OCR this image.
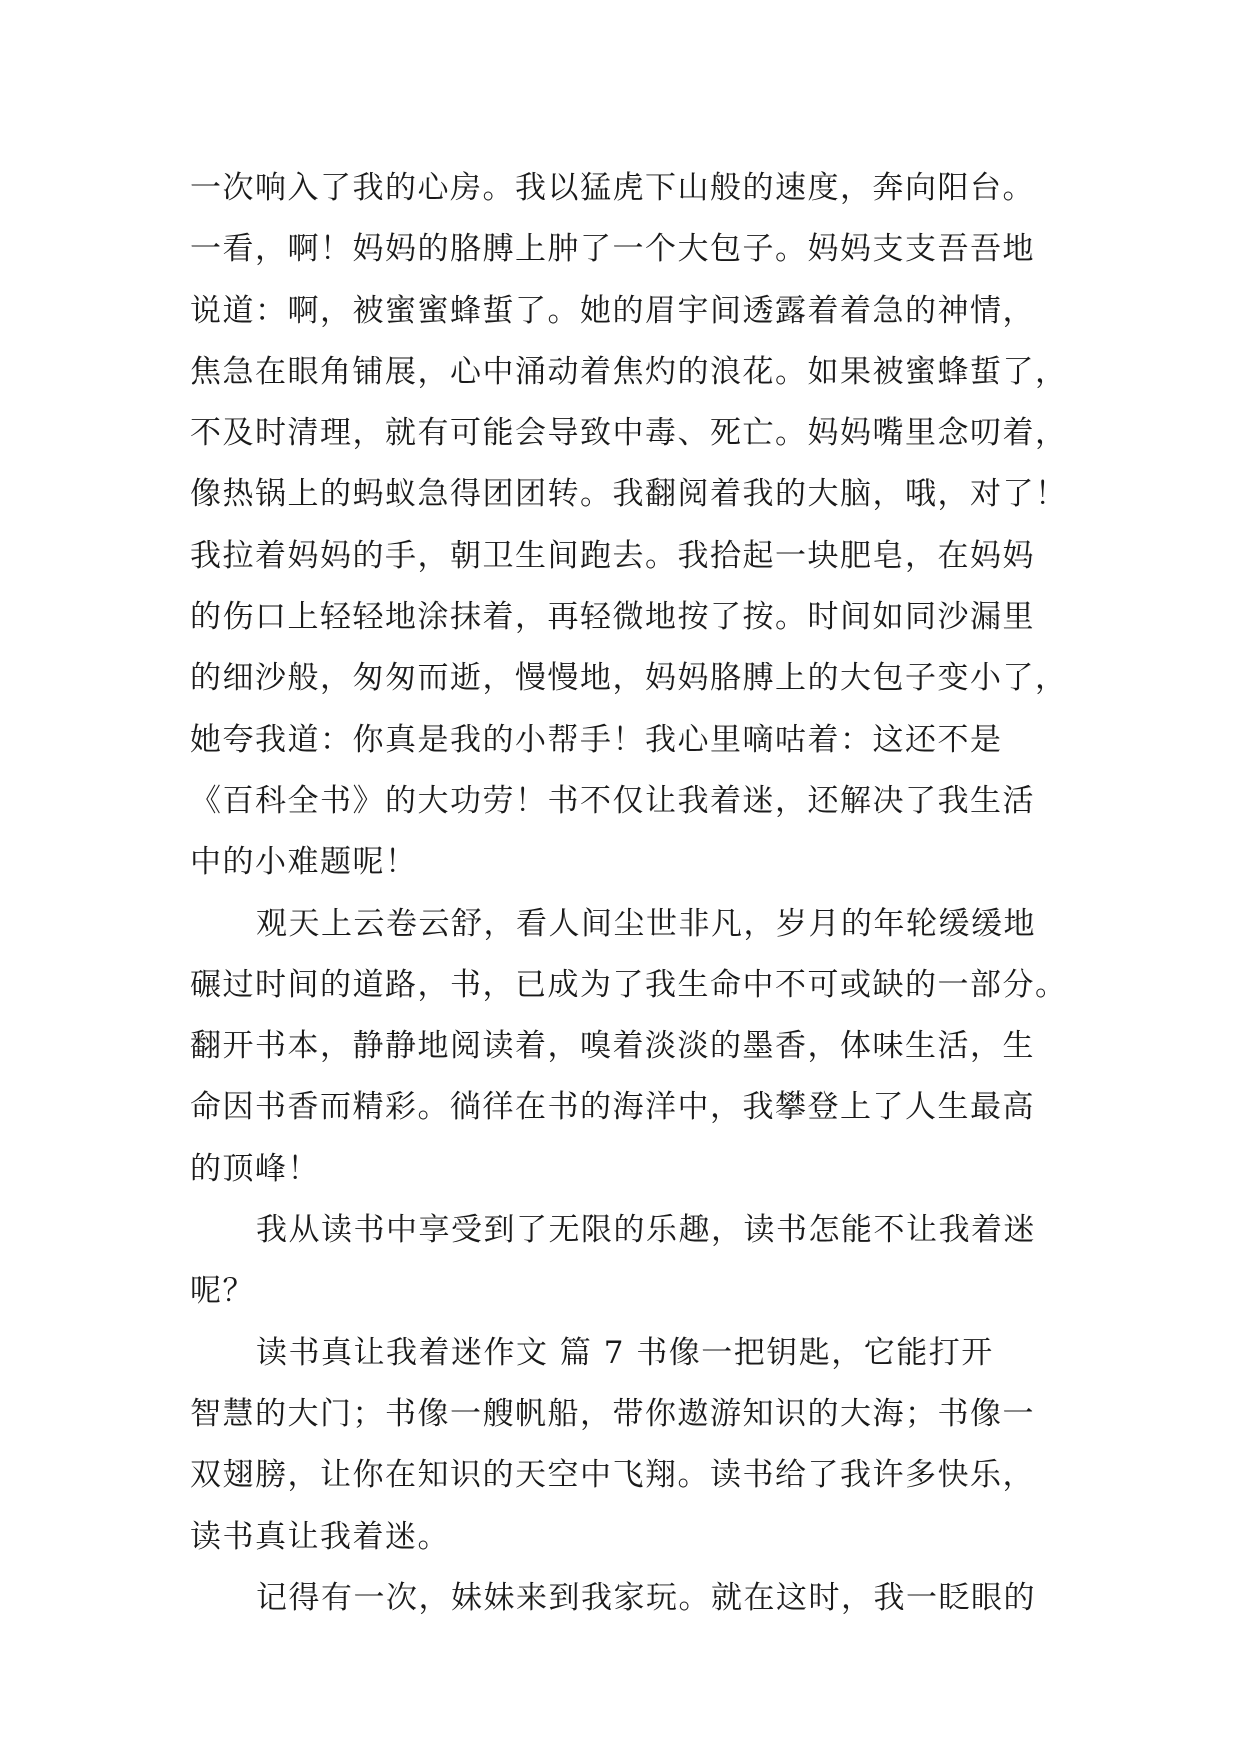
一次响入了我的心房。我以猛虎下山般的速度，奔向阳台。
一看，啊！妈妈的胳膊上肿了一个大包子。妈妈支支吾吾地
说道：啊，被蜜蜜蜂蜇了。她的眉宇间透露着着急的神情，
焦急在眼角铺展，心中涌动着焦灼的浪花。如果被蜜蜂蜇了，
不及时清理，就有可能会导致中毒、死亡。妈妈嘴里念叨着，
像热锅上的蚂蚁急得团团转。我翻阅着我的大脑，哦，对了！
我拉着妈妈的手，朝卫生间跑去。我拾起一块肥皂，在妈妈
的伤口上轻轻地涂抹着，再轻微地按了按。时间如同沙漏里
的细沙般，匆匆而逝，慢慢地，妈妈胳膊上的大包子变小了，
她夸我道：你真是我的小帮手！我心里嘀咕着：这还不是
《百科全书》的大功劳！书不仅让我着迷，还解决了我生活
中的小难题呢！
观天上云卷云舒，看人间尘世非凡，岁月的年轮缓缓地
碾过时间的道路，书，已成为了我生命中不可或缺的一部分。
翻开书本，静静地阅读着，嗅着淡淡的墨香，体味生活，生
命因书香而精彩。徜徉在书的海洋中，我攀登上了人生最高
的顶峰！
我从读书中享受到了无限的乐趣，读书怎能不让我着迷
呢？
读书真让我着迷作文 篇 7 书像一把钥匙，它能打开
智慧的大门；书像一艘帆船，带你遨游知识的大海；书像一
双翅膀，让你在知识的天空中飞翔。读书给了我许多快乐，
读书真让我着迷。
记得有一次，妹妹来到我家玩。就在这时，我一眨眼的
